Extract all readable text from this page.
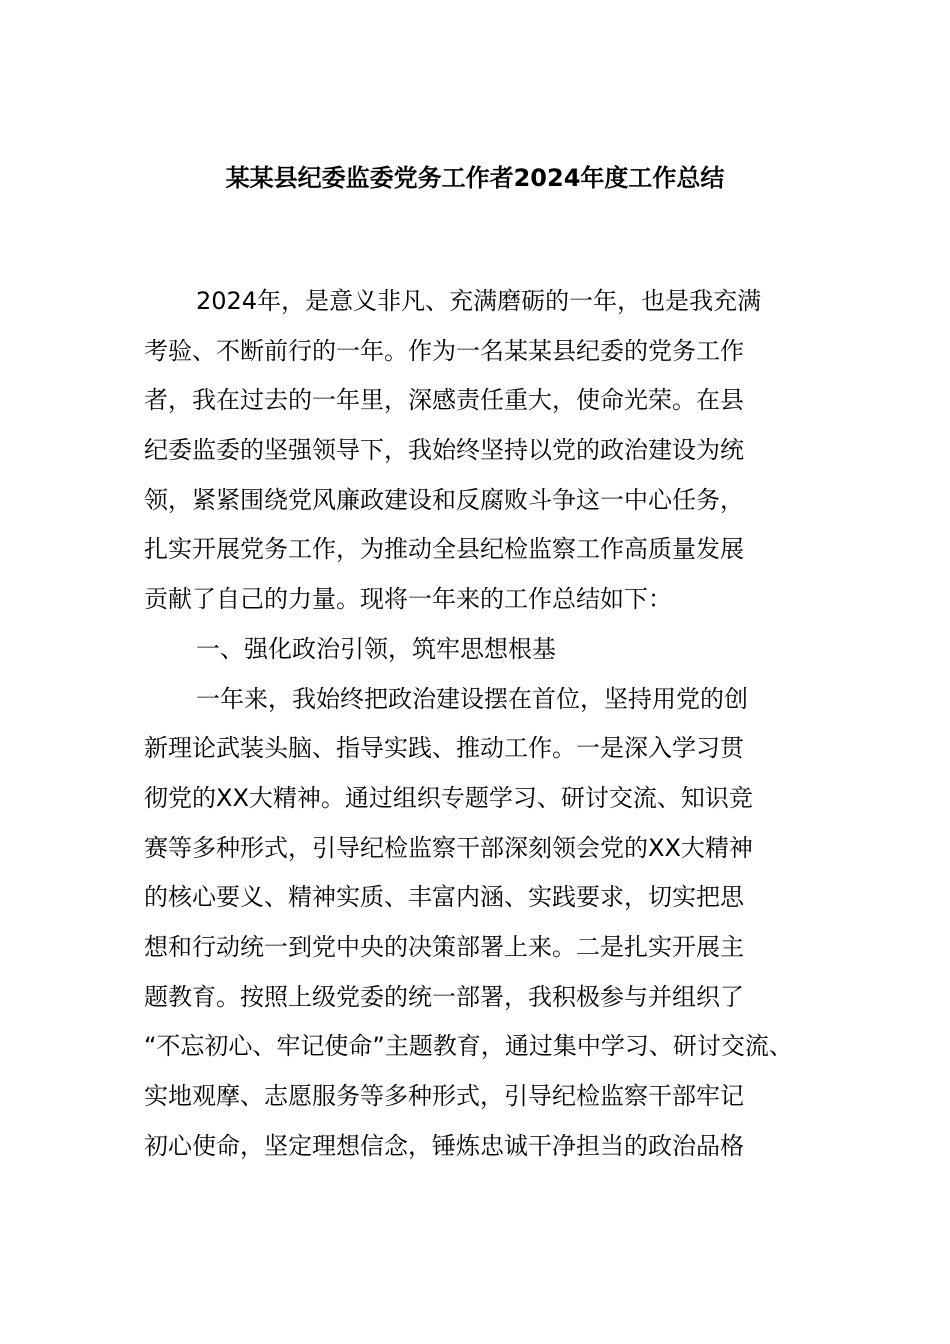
某某县纪委监委党务工作者2024年度工作总结
2024年，是意义非凡、充满磨砺的一年，也是我充满
考验、不断前行的一年。作为一名某某县纪委的党务工作
者，我在过去的一年里，深感责任重大，使命光荣。在县
纪委监委的坚强领导下，我始终坚持以党的政治建设为统
领，紧紧围绕党风廉政建设和反腐败斗争这一中心任务，
扎实开展党务工作，为推动全县纪检监察工作高质量发展
贡献了自己的力量。现将一年来的工作总结如下：
一、强化政治引领，筑牢思想根基
一年来，我始终把政治建设摆在首位，坚持用党的创
新理论武装头脑、指导实践、推动工作。一是深入学习贯
彻党的XX大精神。通过组织专题学习、研讨交流、知识竞
赛等多种形式，引导纪检监察干部深刻领会党的XX大精神
的核心要义、精神实质、丰富内涵、实践要求，切实把思
想和行动统一到党中央的决策部署上来。二是扎实开展主
题教育。按照上级党委的统一部署，我积极参与并组织了
“不忘初心、牢记使命”主题教育，通过集中学习、研讨交流、
实地观摩、志愿服务等多种形式，引导纪检监察干部牢记
初心使命，坚定理想信念，锤炼忠诚干净担当的政治品格
